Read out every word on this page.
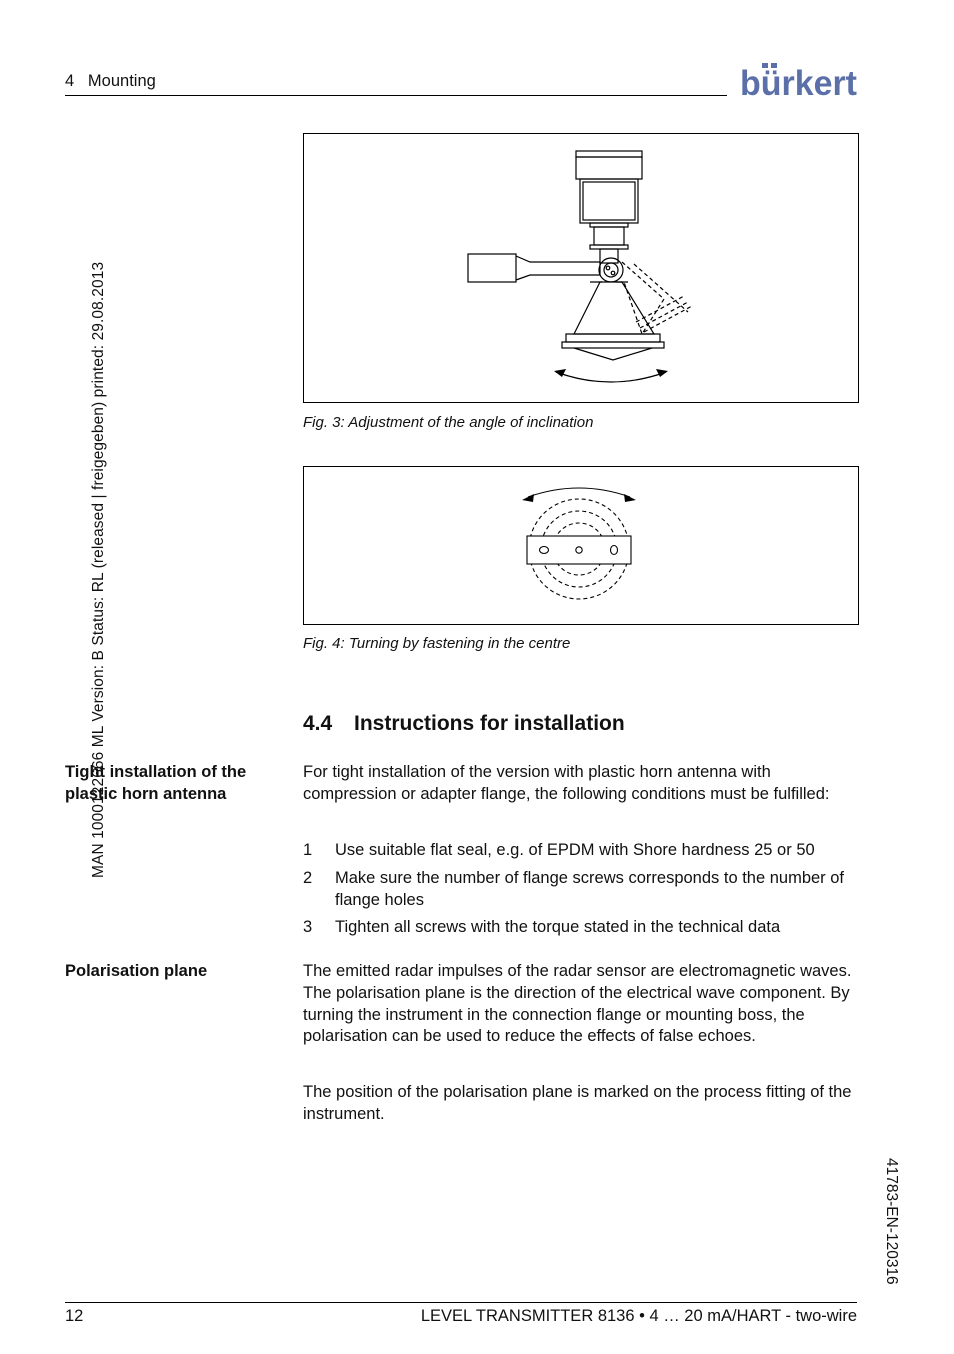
4   Mounting	bürkert
MAN 1000122666 ML Version: B Status: RL (released | freigegeben) printed: 29.08.2013	Fig. 3: Adjustment of the angle of inclination
Fig. 4: Turning by fastening in the centre
4.4 Instructions for installation
Tight installation of the plastic horn antenna
For tight installation of the version with plastic horn antenna with compression or adapter flange, the following conditions must be fulfilled:
1 Use suitable flat seal, e.g. of EPDM with Shore hardness 25 or 50
2 Make sure the number of flange screws corresponds to the number of flange holes
3 Tighten all screws with the torque stated in the technical data
Polarisation plane	The emitted radar impulses of the radar sensor are electromagnetic waves. The polarisation plane is the direction of the electrical wave component. By turning the instrument in the connection flange or mounting boss, the polarisation can be used to reduce the effects of false echoes.
The position of the polarisation plane is marked on the process fitting of the instrument.
41783-EN-120316
12	LEVEL TRANSMITTER 8136 • 4 … 20 mA/HART - two-wire
